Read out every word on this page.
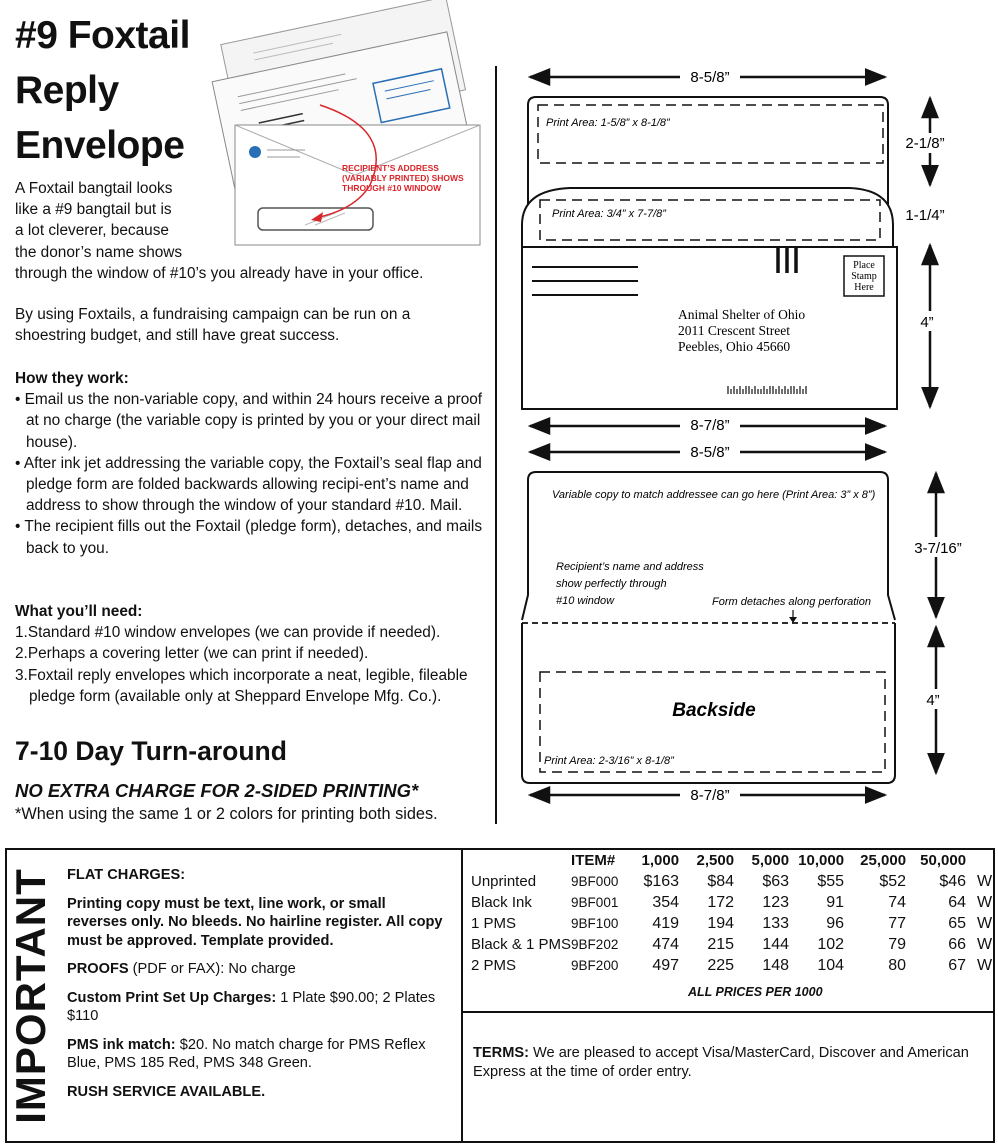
#9 Foxtail
Reply
Envelope
RECIPIENT’S ADDRESS
(VARIABLY PRINTED) SHOWS
THROUGH #10 WINDOW

A Foxtail bangtail looks

like a #9 bangtail but is

a lot cleverer, because

the donor’s name shows

through the window of #10’s you already have in your office.

By using Foxtails, a fundraising campaign can be run on a shoestring budget, and still have great success.
How they work:
• Email us the non-variable copy, and within 24 hours receive a proof at no charge (the variable copy is printed by you or your direct mail house).
• After ink jet addressing the variable copy, the Foxtail’s seal flap and pledge form are folded backwards allowing recipi-ent’s name and address to show through the window of your standard #10. Mail.
• The recipient fills out the Foxtail (pledge form), detaches, and mails back to you.
What you’ll need:
1.Standard #10 window envelopes (we can provide if needed).
2.Perhaps a covering letter (we can print if needed).
3.Foxtail reply envelopes which incorporate a neat, legible, fileable pledge form (available only at Sheppard Envelope Mfg. Co.).
7-10 Day Turn-around
NO EXTRA CHARGE FOR 2-SIDED PRINTING*
*When using the same 1 or 2 colors for printing both sides.
8-5/8”
Print Area: 1-5/8” x 8-1/8”
Print Area: 3/4” x 7-7/8”
Place
Stamp
Here
Animal Shelter of Ohio
2011 Crescent Street
Peebles, Ohio 45660
8-7/8”
2-1/8”
1-1/4”
4”
8-5/8”
Variable copy to match addressee can go here (Print Area: 3” x 8”)
Recipient’s name and address
show perfectly through
#10 window	Form detaches along perforation
Backside
Print Area: 2-3/16” x 8-1/8”
8-7/8”
3-7/16”
4”
IMPORTANT FLAT CHARGES:

Printing copy must be text, line work, or small reverses only. No bleeds. No hairline register. All copy must be approved. Template provided.

PROOFS (PDF or FAX): No charge

Custom Print Set Up Charges: 1 Plate $90.00; 2 Plates $110

PMS ink match: $20. No match charge for PMS Reflex Blue, PMS 185 Red, PMS 348 Green.

RUSH SERVICE AVAILABLE.

	ITEM#	1,000	2,500	5,000	10,000	25,000	50,000	
Unprinted	9BF000	$163	$84	$63	$55	$52	$46	W
Black Ink	9BF001	354	172	123	91	74	64	W
1 PMS	9BF100	419	194	133	96	77	65	W
Black & 1 PMS	9BF202	474	215	144	102	79	66	W
2 PMS	9BF200	497	225	148	104	80	67	W
ALL PRICES PER 1000
TERMS: We are pleased to accept Visa/MasterCard, Discover and American Express at the time of order entry.
